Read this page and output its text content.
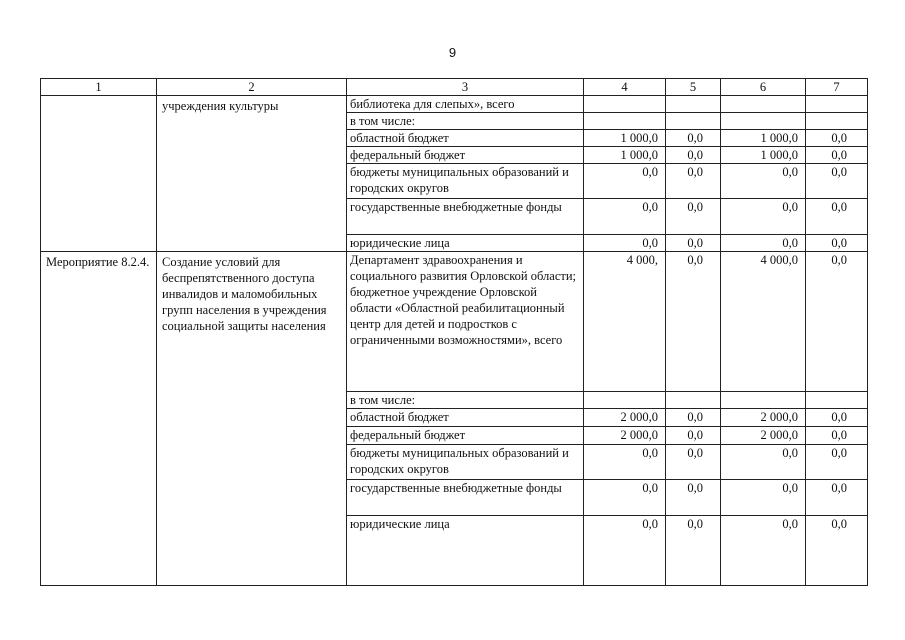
9
1	2	3	4	5	6	7
	учреждения культуры	библиотека для слепых», всего				
		в том числе:				
		областной бюджет	1 000,0	0,0	1 000,0	0,0
		федеральный бюджет	1 000,0	0,0	1 000,0	0,0
		бюджеты муниципальных образований и городских округов	0,0	0,0	0,0	0,0
		государственные внебюджетные фонды	0,0	0,0	0,0	0,0
		юридические лица	0,0	0,0	0,0	0,0
Мероприятие 8.2.4.	Создание условий для беспрепятственного доступа инвалидов и маломобильных групп населения в учреждения социальной защиты населения	Департамент здравоохранения и социального развития Орловской области; бюджетное учреждение Орловской области «Областной реабилитационный центр для детей и подростков с ограниченными возможностями», всего	4 000,	0,0	4 000,0	0,0
		в том числе:				
		областной бюджет	2 000,0	0,0	2 000,0	0,0
		федеральный бюджет	2 000,0	0,0	2 000,0	0,0
		бюджеты муниципальных образований и городских округов	0,0	0,0	0,0	0,0
		государственные внебюджетные фонды	0,0	0,0	0,0	0,0
		юридические лица	0,0	0,0	0,0	0,0
